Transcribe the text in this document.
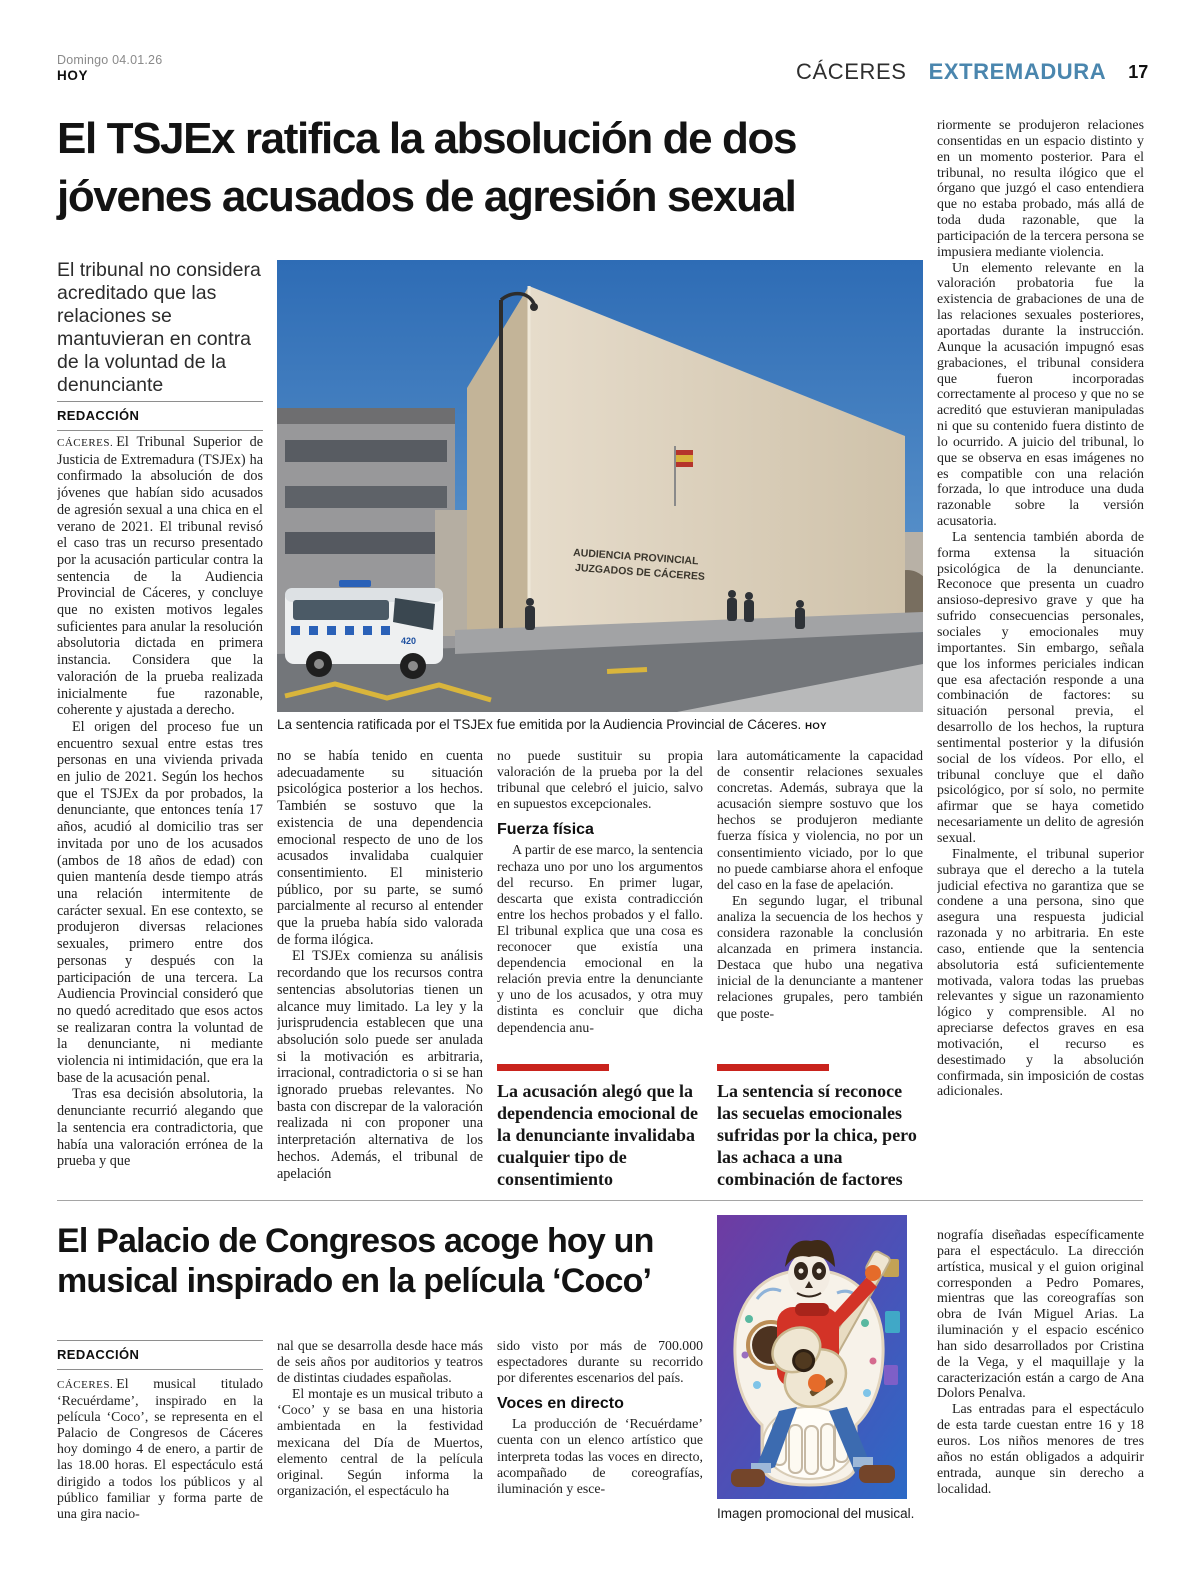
Domingo 04.01.26
HOY	CÁCERES EXTREMADURA 17
El TSJEx ratifica la absolución de dos jóvenes acusados de agresión sexual
El tribunal no considera acreditado que las relaciones se mantuvieran en contra de la voluntad de la denunciante
REDACCIÓN
AUDIENCIA PROVINCIAL
JUZGADOS DE CÁCERES
420
La sentencia ratificada por el TSJEx fue emitida por la Audiencia Provincial de Cáceres. HOY

CÁCERES. El Tribunal Superior de Justicia de Extremadura (TSJEx) ha confirmado la absolución de dos jóvenes que habían sido acusados de agresión sexual a una chica en el verano de 2021. El tribunal revisó el caso tras un recurso presentado por la acusación particular contra la sentencia de la Audiencia Provincial de Cáceres, y concluye que no existen motivos legales suficientes para anular la resolución absolutoria dictada en primera instancia. Considera que la valoración de la prueba realizada inicialmente fue razonable, coherente y ajustada a derecho.

El origen del proceso fue un encuentro sexual entre estas tres personas en una vivienda privada en julio de 2021. Según los hechos que el TSJEx da por probados, la denunciante, que entonces tenía 17 años, acudió al domicilio tras ser invitada por uno de los acusados (ambos de 18 años de edad) con quien mantenía desde tiempo atrás una relación intermitente de carácter sexual. En ese contexto, se produjeron diversas relaciones sexuales, primero entre dos personas y después con la participación de una tercera. La Audiencia Provincial consideró que no quedó acreditado que esos actos se realizaran contra la voluntad de la denunciante, ni mediante violencia ni intimidación, que era la base de la acusación penal.

Tras esa decisión absolutoria, la denunciante recurrió alegando que la sentencia era contradictoria, que había una valoración errónea de la prueba y que

no se había tenido en cuenta adecuadamente su situación psicológica posterior a los hechos. También se sostuvo que la existencia de una dependencia emocional respecto de uno de los acusados invalidaba cualquier consentimiento. El ministerio público, por su parte, se sumó parcialmente al recurso al entender que la prueba había sido valorada de forma ilógica.

El TSJEx comienza su análisis recordando que los recursos contra sentencias absolutorias tienen un alcance muy limitado. La ley y la jurisprudencia establecen que una absolución solo puede ser anulada si la motivación es arbitraria, irracional, contradictoria o si se han ignorado pruebas relevantes. No basta con discrepar de la valoración realizada ni con proponer una interpretación alternativa de los hechos. Además, el tribunal de apelación

no puede sustituir su propia valoración de la prueba por la del tribunal que celebró el juicio, salvo en supuestos excepcionales.

Fuerza física

A partir de ese marco, la sentencia rechaza uno por uno los argumentos del recurso. En primer lugar, descarta que exista contradicción entre los hechos probados y el fallo. El tribunal explica que una cosa es reconocer que existía una dependencia emocional en la relación previa entre la denunciante y uno de los acusados, y otra muy distinta es concluir que dicha dependencia anu-

lara automáticamente la capacidad de consentir relaciones sexuales concretas. Además, subraya que la acusación siempre sostuvo que los hechos se produjeron mediante fuerza física y violencia, no por un consentimiento viciado, por lo que no puede cambiarse ahora el enfoque del caso en la fase de apelación.

En segundo lugar, el tribunal analiza la secuencia de los hechos y considera razonable la conclusión alcanzada en primera instancia. Destaca que hubo una negativa inicial de la denunciante a mantener relaciones grupales, pero también que poste-

riormente se produjeron relaciones consentidas en un espacio distinto y en un momento posterior. Para el tribunal, no resulta ilógico que el órgano que juzgó el caso entendiera que no estaba probado, más allá de toda duda razonable, que la participación de la tercera persona se impusiera mediante violencia.

Un elemento relevante en la valoración probatoria fue la existencia de grabaciones de una de las relaciones sexuales posteriores, aportadas durante la instrucción. Aunque la acusación impugnó esas grabaciones, el tribunal considera que fueron incorporadas correctamente al proceso y que no se acreditó que estuvieran manipuladas ni que su contenido fuera distinto de lo ocurrido. A juicio del tribunal, lo que se observa en esas imágenes no es compatible con una relación forzada, lo que introduce una duda razonable sobre la versión acusatoria.

La sentencia también aborda de forma extensa la situación psicológica de la denunciante. Reconoce que presenta un cuadro ansioso-depresivo grave y que ha sufrido consecuencias personales, sociales y emocionales muy importantes. Sin embargo, señala que los informes periciales indican que esa afectación responde a una combinación de factores: su situación personal previa, el desarrollo de los hechos, la ruptura sentimental posterior y la difusión social de los vídeos. Por ello, el tribunal concluye que el daño psicológico, por sí solo, no permite afirmar que se haya cometido necesariamente un delito de agresión sexual.

Finalmente, el tribunal superior subraya que el derecho a la tutela judicial efectiva no garantiza que se condene a una persona, sino que asegura una respuesta judicial razonada y no arbitraria. En este caso, entiende que la sentencia absolutoria está suficientemente motivada, valora todas las pruebas relevantes y sigue un razonamiento lógico y comprensible. Al no apreciarse defectos graves en esa motivación, el recurso es desestimado y la absolución confirmada, sin imposición de costas adicionales.

La acusación alegó que la dependencia emocional de la denunciante invalidaba cualquier tipo de consentimiento
La sentencia sí reconoce las secuelas emocionales sufridas por la chica, pero las achaca a una combinación de factores
El Palacio de Congresos acoge hoy un musical inspirado en la película ‘Coco’
REDACCIÓN

CÁCERES. El musical titulado ‘Recuérdame’, inspirado en la película ‘Coco’, se representa en el Palacio de Congresos de Cáceres hoy domingo 4 de enero, a partir de las 18.00 horas. El espectáculo está dirigido a todos los públicos y al público familiar y forma parte de una gira nacio-

nal que se desarrolla desde hace más de seis años por auditorios y teatros de distintas ciudades españolas.

El montaje es un musical tributo a ‘Coco’ y se basa en una historia ambientada en la festividad mexicana del Día de Muertos, elemento central de la película original. Según informa la organización, el espectáculo ha

sido visto por más de 700.000 espectadores durante su recorrido por diferentes escenarios del país.

Voces en directo

La producción de ‘Recuérdame’ cuenta con un elenco artístico que interpreta todas las voces en directo, acompañado de coreografías, iluminación y esce-

nografía diseñadas específicamente para el espectáculo. La dirección artística, musical y el guion original corresponden a Pedro Pomares, mientras que las coreografías son obra de Iván Miguel Arias. La iluminación y el espacio escénico han sido desarrollados por Cristina de la Vega, y el maquillaje y la caracterización están a cargo de Ana Dolors Penalva.

Las entradas para el espectáculo de esta tarde cuestan entre 16 y 18 euros. Los niños menores de tres años no están obligados a adquirir entrada, aunque sin derecho a localidad.

Imagen promocional del musical.
